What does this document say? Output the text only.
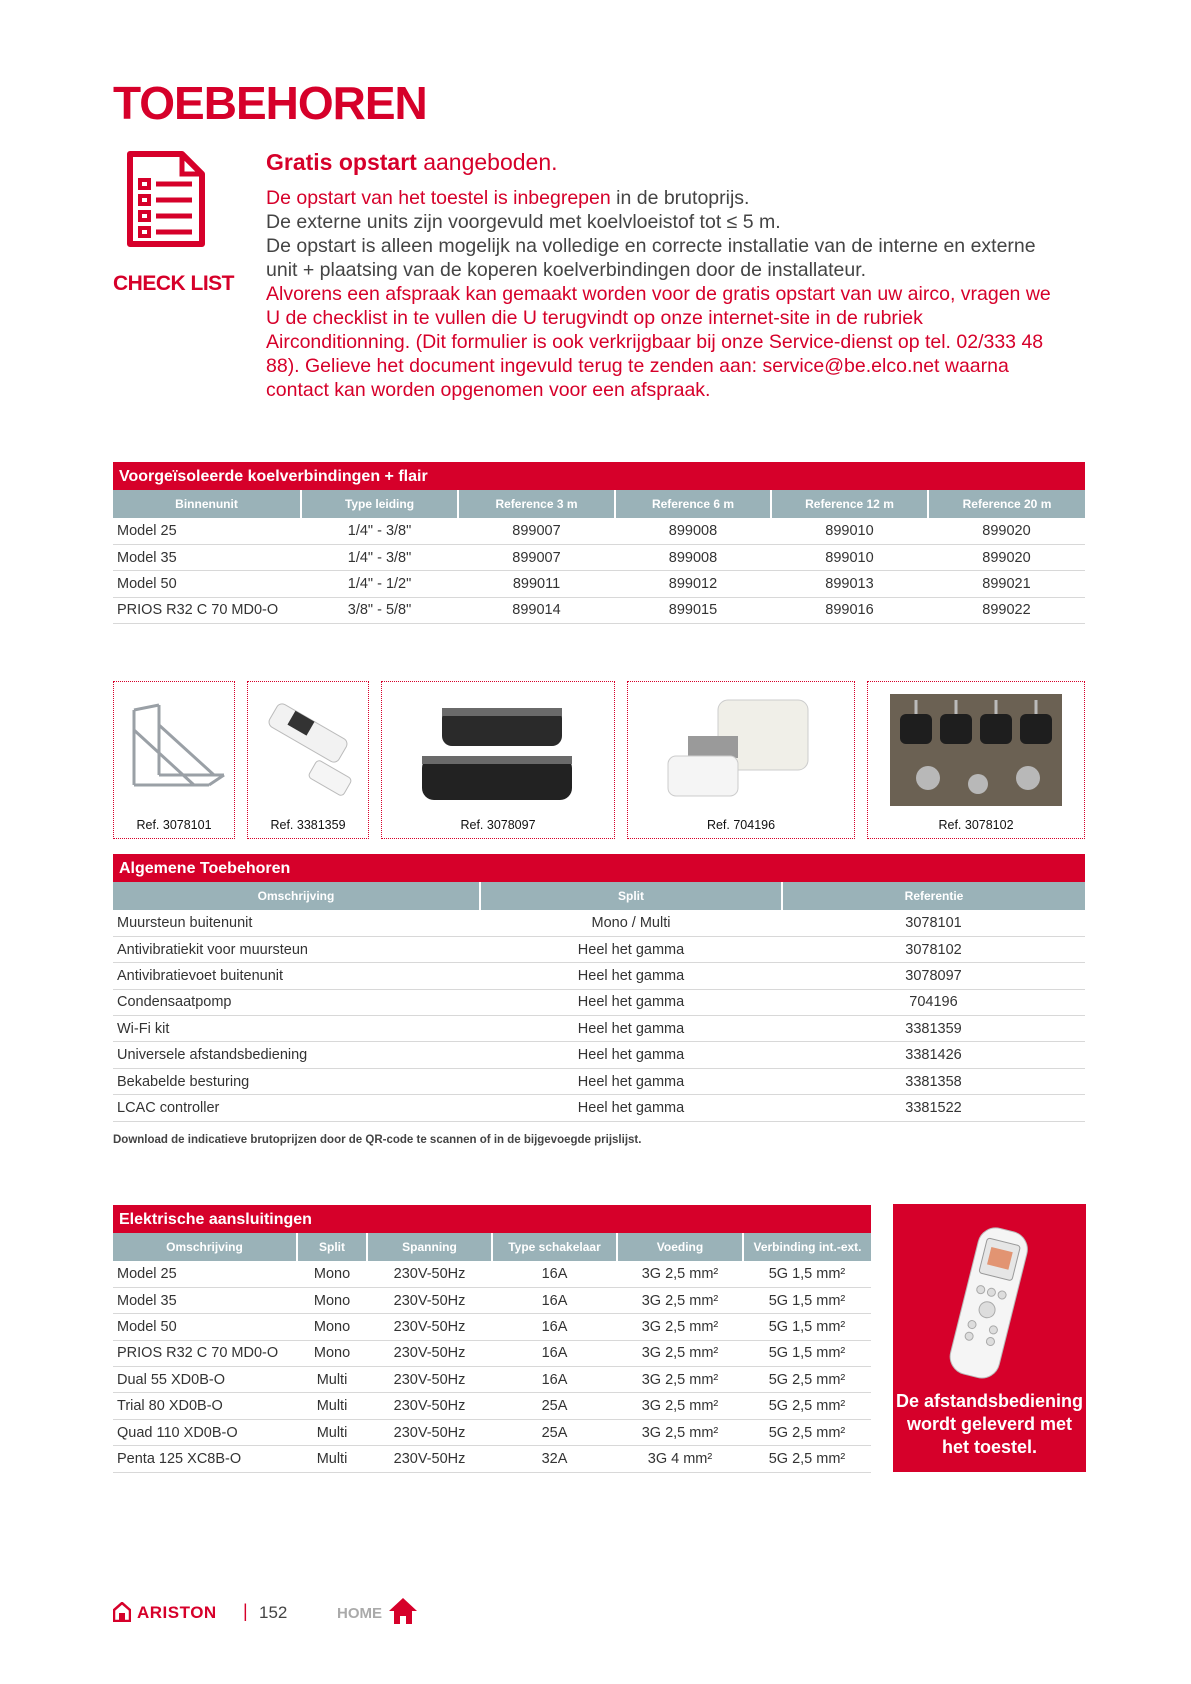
TOEBEHOREN
CHECK LIST
Gratis opstart aangeboden.

De opstart van het toestel is inbegrepen in de brutoprijs.

De externe units zijn voorgevuld met koelvloeistof tot ≤ 5 m.

De opstart is alleen mogelijk na volledige en correcte installatie van de interne en externe unit + plaatsing van de koperen koelverbindingen door de installateur.

Alvorens een afspraak kan gemaakt worden voor de gratis opstart van uw airco, vragen we U de checklist in te vullen die U terugvindt op onze internet-site in de rubriek Airconditionning. (Dit formulier is ook verkrijgbaar bij onze Service-dienst op tel. 02/333 48 88). Gelieve het document ingevuld terug te zenden aan: service@be.elco.net waarna contact kan worden opgenomen voor een afspraak.

Voorgeïsoleerde koelverbindingen + flair
Binnenunit	Type leiding	Reference 3 m	Reference 6 m	Reference 12 m	Reference 20 m
Model 25	1/4" - 3/8"	899007	899008	899010	899020
Model 35	1/4" - 3/8"	899007	899008	899010	899020
Model 50	1/4" - 1/2"	899011	899012	899013	899021
PRIOS R32 C 70 MD0-O	3/8" - 5/8"	899014	899015	899016	899022
Ref. 3078101	Ref. 3381359	Ref. 3078097	Ref. 704196	Ref. 3078102
Algemene Toebehoren
Omschrijving	Split	Referentie
Muursteun buitenunit	Mono / Multi	3078101
Antivibratiekit voor muursteun	Heel het gamma	3078102
Antivibratievoet buitenunit	Heel het gamma	3078097
Condensaatpomp	Heel het gamma	704196
Wi-Fi kit	Heel het gamma	3381359
Universele afstandsbediening	Heel het gamma	3381426
Bekabelde besturing	Heel het gamma	3381358
LCAC controller	Heel het gamma	3381522
Download de indicatieve brutoprijzen door de QR-code te scannen of in de bijgevoegde prijslijst.
Elektrische aansluitingen
Omschrijving	Split	Spanning	Type schakelaar	Voeding	Verbinding int.-ext.
Model 25	Mono	230V-50Hz	16A	3G 2,5 mm²	5G 1,5 mm²
Model 35	Mono	230V-50Hz	16A	3G 2,5 mm²	5G 1,5 mm²
Model 50	Mono	230V-50Hz	16A	3G 2,5 mm²	5G 1,5 mm²
PRIOS R32 C 70 MD0-O	Mono	230V-50Hz	16A	3G 2,5 mm²	5G 1,5 mm²
Dual 55 XD0B-O	Multi	230V-50Hz	16A	3G 2,5 mm²	5G 2,5 mm²
Trial 80 XD0B-O	Multi	230V-50Hz	25A	3G 2,5 mm²	5G 2,5 mm²
Quad 110 XD0B-O	Multi	230V-50Hz	25A	3G 2,5 mm²	5G 2,5 mm²
Penta 125 XC8B-O	Multi	230V-50Hz	32A	3G 4 mm²	5G 2,5 mm²
De afstandsbediening wordt geleverd met het toestel.
ARISTON | 152	HOME
